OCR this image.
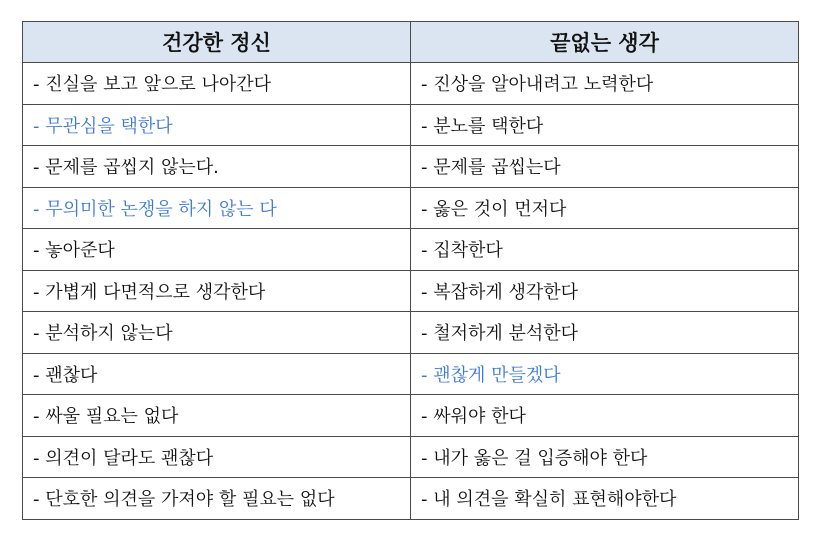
건강한 정신	끝없는 생각
- 진실을 보고 앞으로 나아간다	- 진상을 알아내려고 노력한다
- 무관심을 택한다	- 분노를 택한다
- 문제를 곱씹지 않는다.	- 문제를 곱씹는다
- 무의미한 논쟁을 하지 않는 다	- 옳은 것이 먼저다
- 놓아준다	- 집착한다
- 가볍게 다면적으로 생각한다	- 복잡하게 생각한다
- 분석하지 않는다	- 철저하게 분석한다
- 괜찮다	- 괜찮게 만들겠다
- 싸울 필요는 없다	- 싸워야 한다
- 의견이 달라도 괜찮다	- 내가 옳은 걸 입증해야 한다
- 단호한 의견을 가져야 할 필요는 없다	- 내 의견을 확실히 표현해야한다
